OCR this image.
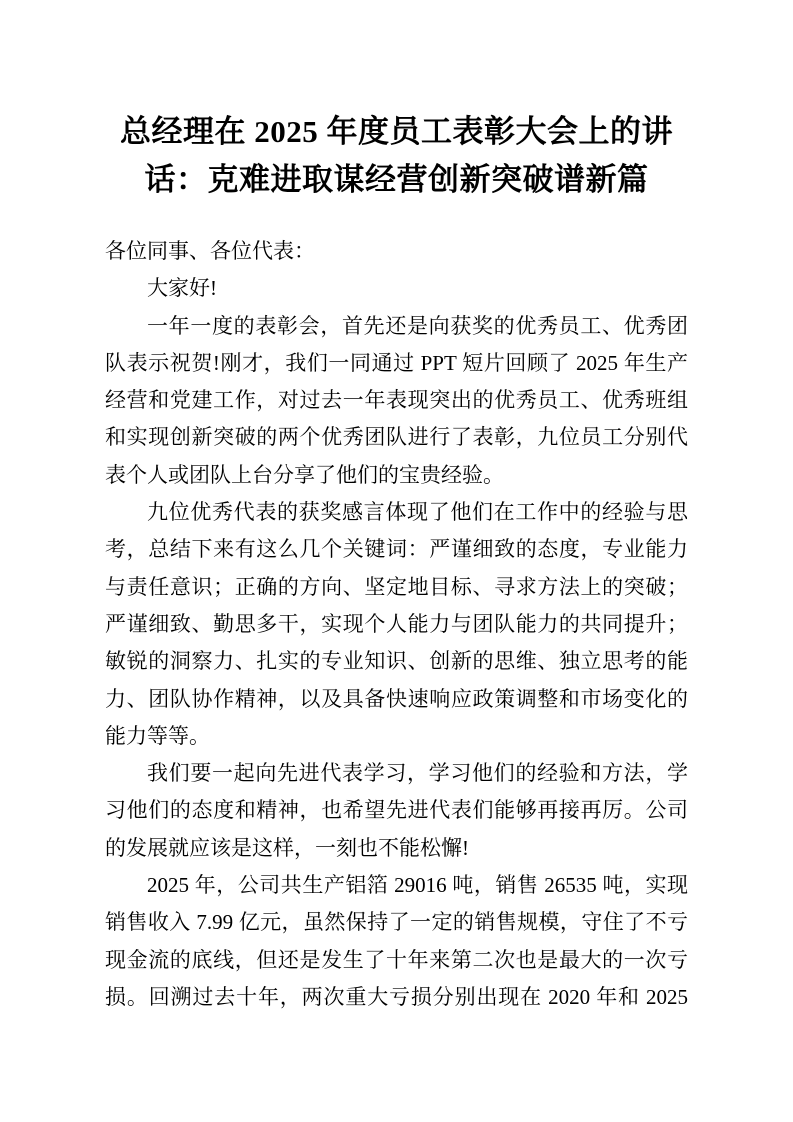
总经理在 2025 年度员工表彰大会上的讲
话：克难进取谋经营创新突破谱新篇
各位同事、各位代表：
大家好!
一年一度的表彰会，首先还是向获奖的优秀员工、优秀团
队表示祝贺!刚才，我们一同通过 PPT 短片回顾了 2025 年生产
经营和党建工作，对过去一年表现突出的优秀员工、优秀班组
和实现创新突破的两个优秀团队进行了表彰，九位员工分别代
表个人或团队上台分享了他们的宝贵经验。
九位优秀代表的获奖感言体现了他们在工作中的经验与思
考，总结下来有这么几个关键词：严谨细致的态度，专业能力
与责任意识；正确的方向、坚定地目标、寻求方法上的突破；
严谨细致、勤思多干，实现个人能力与团队能力的共同提升；
敏锐的洞察力、扎实的专业知识、创新的思维、独立思考的能
力、团队协作精神，以及具备快速响应政策调整和市场变化的
能力等等。
我们要一起向先进代表学习，学习他们的经验和方法，学
习他们的态度和精神，也希望先进代表们能够再接再厉。公司
的发展就应该是这样，一刻也不能松懈!
2025 年，公司共生产铝箔 29016 吨，销售 26535 吨，实现
销售收入 7.99 亿元，虽然保持了一定的销售规模，守住了不亏
现金流的底线，但还是发生了十年来第二次也是最大的一次亏
损。回溯过去十年，两次重大亏损分别出现在 2020 年和 2025
